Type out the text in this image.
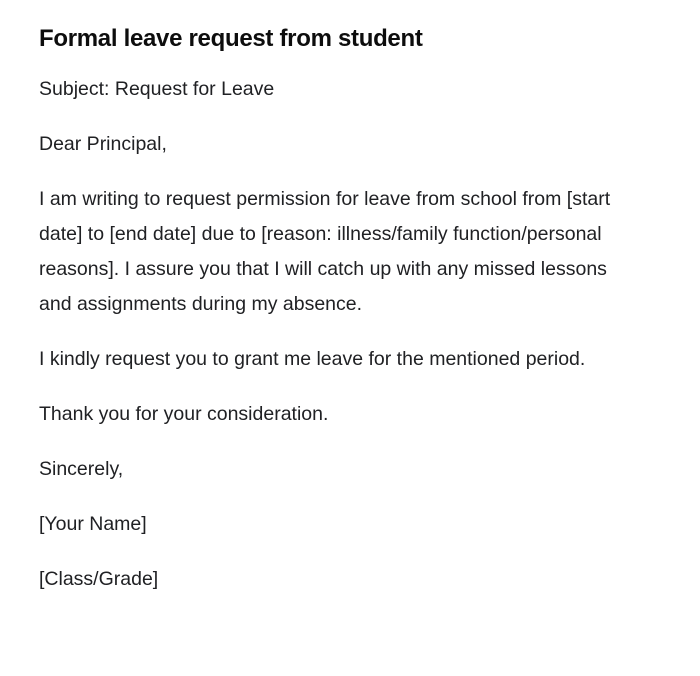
Formal leave request from student

Subject: Request for Leave

Dear Principal,

I am writing to request permission for leave from school from [start date] to [end date] due to [reason: illness/family function/personal reasons]. I assure you that I will catch up with any missed lessons and assignments during my absence.

I kindly request you to grant me leave for the mentioned period.

Thank you for your consideration.

Sincerely,

[Your Name]

[Class/Grade]
